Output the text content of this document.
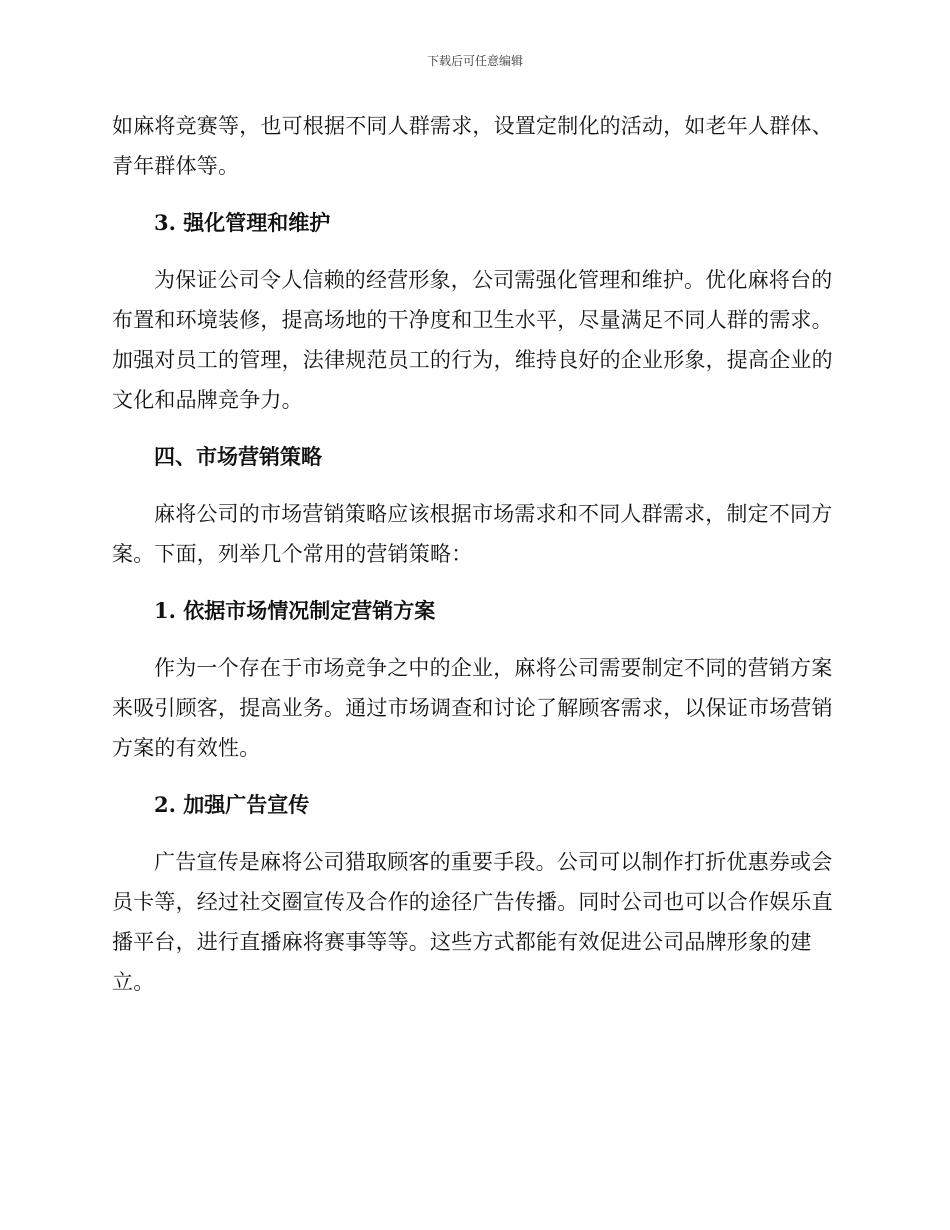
下载后可任意编辑

如麻将竞赛等，也可根据不同人群需求，设置定制化的活动，如老年人群体、青年群体等。

3. 强化管理和维护

为保证公司令人信赖的经营形象，公司需强化管理和维护。优化麻将台的布置和环境装修，提高场地的干净度和卫生水平，尽量满足不同人群的需求。加强对员工的管理，法律规范员工的行为，维持良好的企业形象，提高企业的文化和品牌竞争力。

四、市场营销策略

麻将公司的市场营销策略应该根据市场需求和不同人群需求，制定不同方案。下面，列举几个常用的营销策略：

1. 依据市场情况制定营销方案

作为一个存在于市场竞争之中的企业，麻将公司需要制定不同的营销方案来吸引顾客，提高业务。通过市场调查和讨论了解顾客需求，以保证市场营销方案的有效性。

2. 加强广告宣传

广告宣传是麻将公司猎取顾客的重要手段。公司可以制作打折优惠券或会员卡等，经过社交圈宣传及合作的途径广告传播。同时公司也可以合作娱乐直播平台，进行直播麻将赛事等等。这些方式都能有效促进公司品牌形象的建立。
